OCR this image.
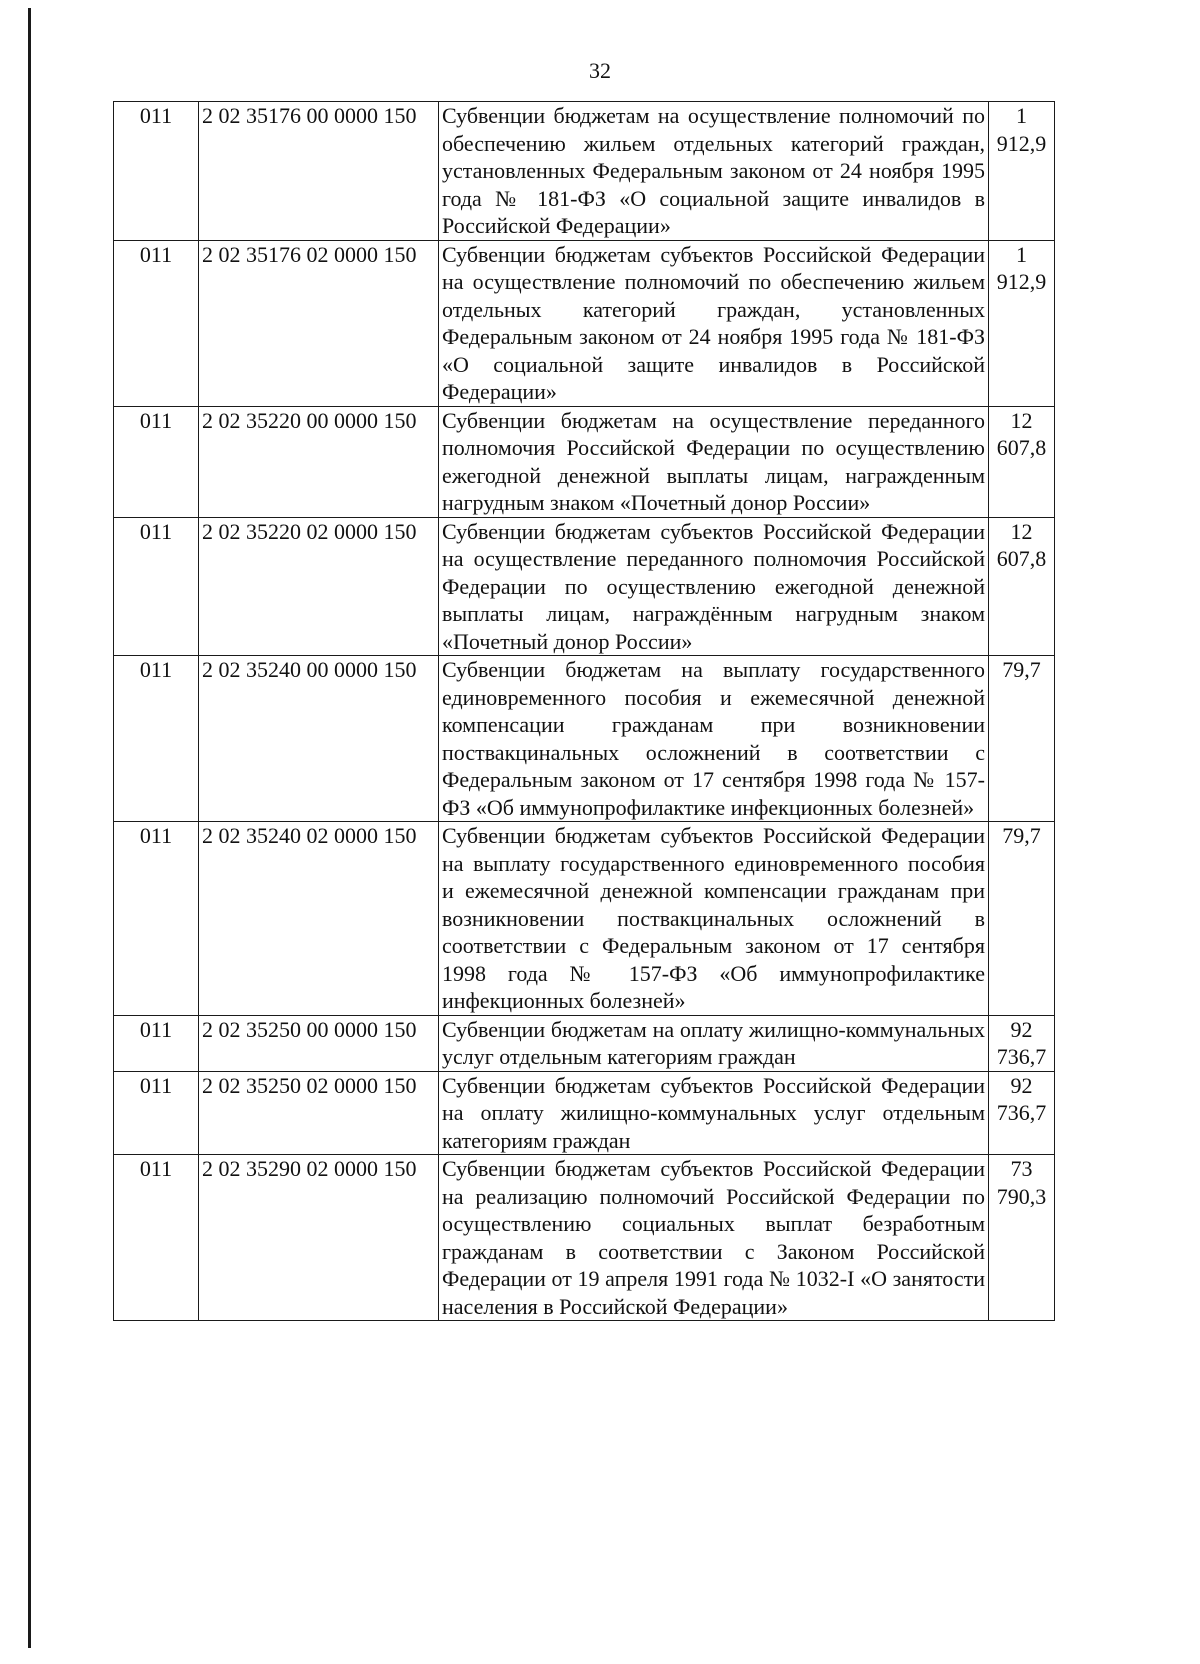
32
011	2 02 35176 00 0000 150	Субвенции бюджетам на осуществление полномочий по обеспечению жильем отдельных категорий граждан, установленных Федеральным законом от 24 ноября 1995 года № 181-ФЗ «О социальной защите инвалидов в Российской Федерации»	1 912,9
011	2 02 35176 02 0000 150	Субвенции бюджетам субъектов Российской Федерации на осуществление полномочий по обеспечению жильем отдельных категорий граждан, установленных Федеральным законом от 24 ноября 1995 года № 181-ФЗ «О социальной защите инвалидов в Российской Федерации»	1 912,9
011	2 02 35220 00 0000 150	Субвенции бюджетам на осуществление переданного полномочия Российской Федерации по осуществлению ежегодной денежной выплаты лицам, награжденным нагрудным знаком «Почетный донор России»	12 607,8
011	2 02 35220 02 0000 150	Субвенции бюджетам субъектов Российской Федерации на осуществление переданного полномочия Российской Федерации по осуществлению ежегодной денежной выплаты лицам, награждённым нагрудным знаком «Почетный донор России»	12 607,8
011	2 02 35240 00 0000 150	Субвенции бюджетам на выплату государственного единовременного пособия и ежемесячной денежной компенсации гражданам при возникновении поствакцинальных осложнений в соответствии с Федеральным законом от 17 сентября 1998 года № 157-ФЗ «Об иммунопрофилактике инфекционных болезней»	79,7
011	2 02 35240 02 0000 150	Субвенции бюджетам субъектов Российской Федерации на выплату государственного единовременного пособия и ежемесячной денежной компенсации гражданам при возникновении поствакцинальных осложнений в соответствии с Федеральным законом от 17 сентября 1998 года № 157-ФЗ «Об иммунопрофилактике инфекционных болезней»	79,7
011	2 02 35250 00 0000 150	Субвенции бюджетам на оплату жилищно-коммунальных услуг отдельным категориям граждан	92 736,7
011	2 02 35250 02 0000 150	Субвенции бюджетам субъектов Российской Федерации на оплату жилищно-коммунальных услуг отдельным категориям граждан	92 736,7
011	2 02 35290 02 0000 150	Субвенции бюджетам субъектов Российской Федерации на реализацию полномочий Российской Федерации по осуществлению социальных выплат безработным гражданам в соответствии с Законом Российской Федерации от 19 апреля 1991 года № 1032-I «О занятости населения в Российской Федерации»	73 790,3
